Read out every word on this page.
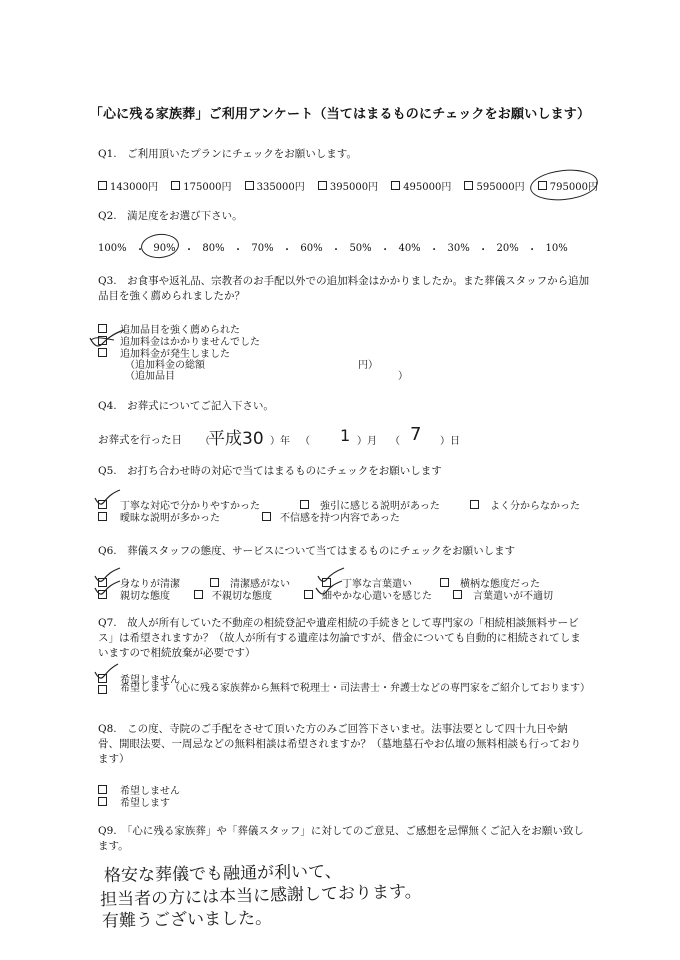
「心に残る家族葬」ご利用アンケート（当てはまるものにチェックをお願いします）
Q1.　ご利用頂いたプランにチェックをお願いします。
143000円	175000円	335000円	395000円	495000円	595000円	795000円
Q2.　満足度をお選び下さい。
100% ・ 90% ・ 80% ・ 70% ・ 60% ・ 50% ・ 40% ・ 30% ・ 20% ・ 10%
Q3.　お食事や返礼品、宗教者のお手配以外での追加料金はかかりましたか。また葬儀スタッフから追加品目を強く薦められましたか？
追加品目を強く薦められた
追加料金はかかりませんでした
追加料金が発生しました
（追加料金の総額	円）
（追加品目	）
Q4.　お葬式についてご記入下さい。
お葬式を行った日 （
平成30 ）年 （ 1 ）月 （ 7 ）日
Q5.　お打ち合わせ時の対応で当てはまるものにチェックをお願いします
丁寧な対応で分かりやすかった	強引に感じる説明があった	よく分からなかった
曖昧な説明が多かった	不信感を持つ内容であった
Q6.　葬儀スタッフの態度、サービスについて当てはまるものにチェックをお願いします
身なりが清潔	清潔感がない	丁寧な言葉遣い	横柄な態度だった
親切な態度	不親切な態度	細やかな心遣いを感じた	言葉遣いが不適切
Q7.　故人が所有していた不動産の相続登記や遺産相続の手続きとして専門家の「相続相談無料サービス」は希望されますか？（故人が所有する遺産は勿論ですが、借金についても自動的に相続されてしまいますので相続放棄が必要です）
希望しません
希望します（心に残る家族葬から無料で税理士・司法書士・弁護士などの専門家をご紹介しております）
Q8.　この度、寺院のご手配をさせて頂いた方のみご回答下さいませ。法事法要として四十九日や納骨、開眼法要、一周忌などの無料相談は希望されますか？（墓地墓石やお仏壇の無料相談も行っております）
希望しません
希望します
Q9.　「心に残る家族葬」や「葬儀スタッフ」に対してのご意見、ご感想を忌憚無くご記入をお願い致します。
格安な葬儀でも融通が利いて、
担当者の方には本当に感謝しております。
有難うございました。
